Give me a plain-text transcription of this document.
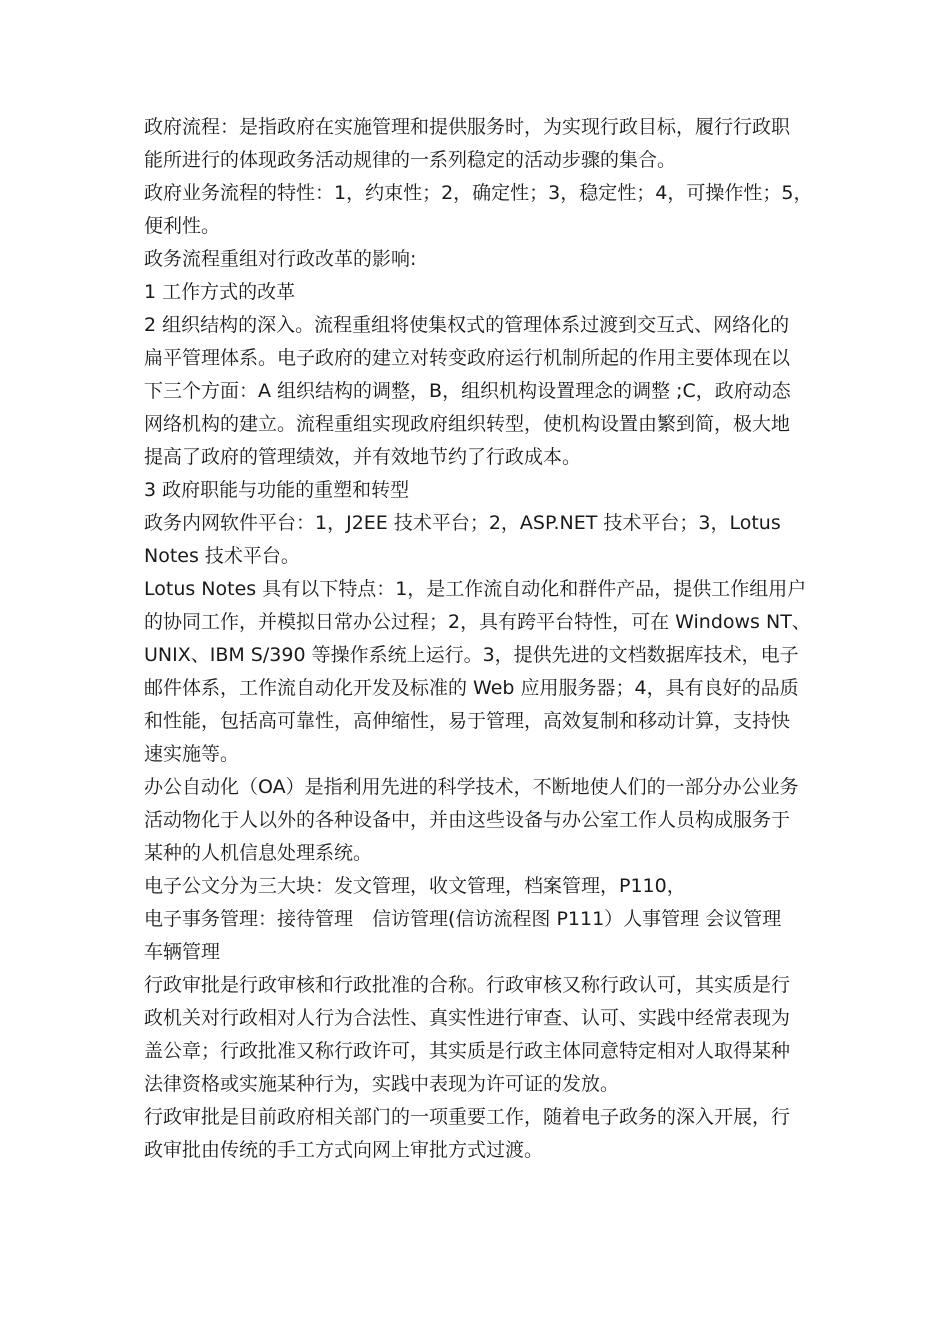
政府流程：是指政府在实施管理和提供服务时，为实现行政目标，履行行政职

能所进行的体现政务活动规律的一系列稳定的活动步骤的集合。

政府业务流程的特性：1，约束性；2，确定性；3，稳定性；4，可操作性；5，

便利性。

政务流程重组对行政改革的影响:

1 工作方式的改革

2 组织结构的深入。流程重组将使集权式的管理体系过渡到交互式、网络化的

扁平管理体系。电子政府的建立对转变政府运行机制所起的作用主要体现在以

下三个方面：A 组织结构的调整，B，组织机构设置理念的调整 ;C，政府动态

网络机构的建立。流程重组实现政府组织转型，使机构设置由繁到简，极大地

提高了政府的管理绩效，并有效地节约了行政成本。

3 政府职能与功能的重塑和转型

政务内网软件平台：1，J2EE 技术平台；2，ASP.NET 技术平台；3，Lotus

Notes 技术平台。

Lotus Notes 具有以下特点：1，是工作流自动化和群件产品，提供工作组用户

的协同工作，并模拟日常办公过程；2，具有跨平台特性，可在 Windows NT、

UNIX、IBM S/390 等操作系统上运行。3，提供先进的文档数据库技术，电子

邮件体系，工作流自动化开发及标准的 Web 应用服务器；4，具有良好的品质

和性能，包括高可靠性，高伸缩性，易于管理，高效复制和移动计算，支持快

速实施等。

办公自动化（OA）是指利用先进的科学技术，不断地使人们的一部分办公业务

活动物化于人以外的各种设备中，并由这些设备与办公室工作人员构成服务于

某种的人机信息处理系统。

电子公文分为三大块：发文管理，收文管理，档案管理，P110，

电子事务管理：接待管理　信访管理(信访流程图 P111）人事管理 会议管理

车辆管理

行政审批是行政审核和行政批准的合称。行政审核又称行政认可，其实质是行

政机关对行政相对人行为合法性、真实性进行审查、认可、实践中经常表现为

盖公章；行政批准又称行政许可，其实质是行政主体同意特定相对人取得某种

法律资格或实施某种行为，实践中表现为许可证的发放。

行政审批是目前政府相关部门的一项重要工作，随着电子政务的深入开展，行

政审批由传统的手工方式向网上审批方式过渡。
